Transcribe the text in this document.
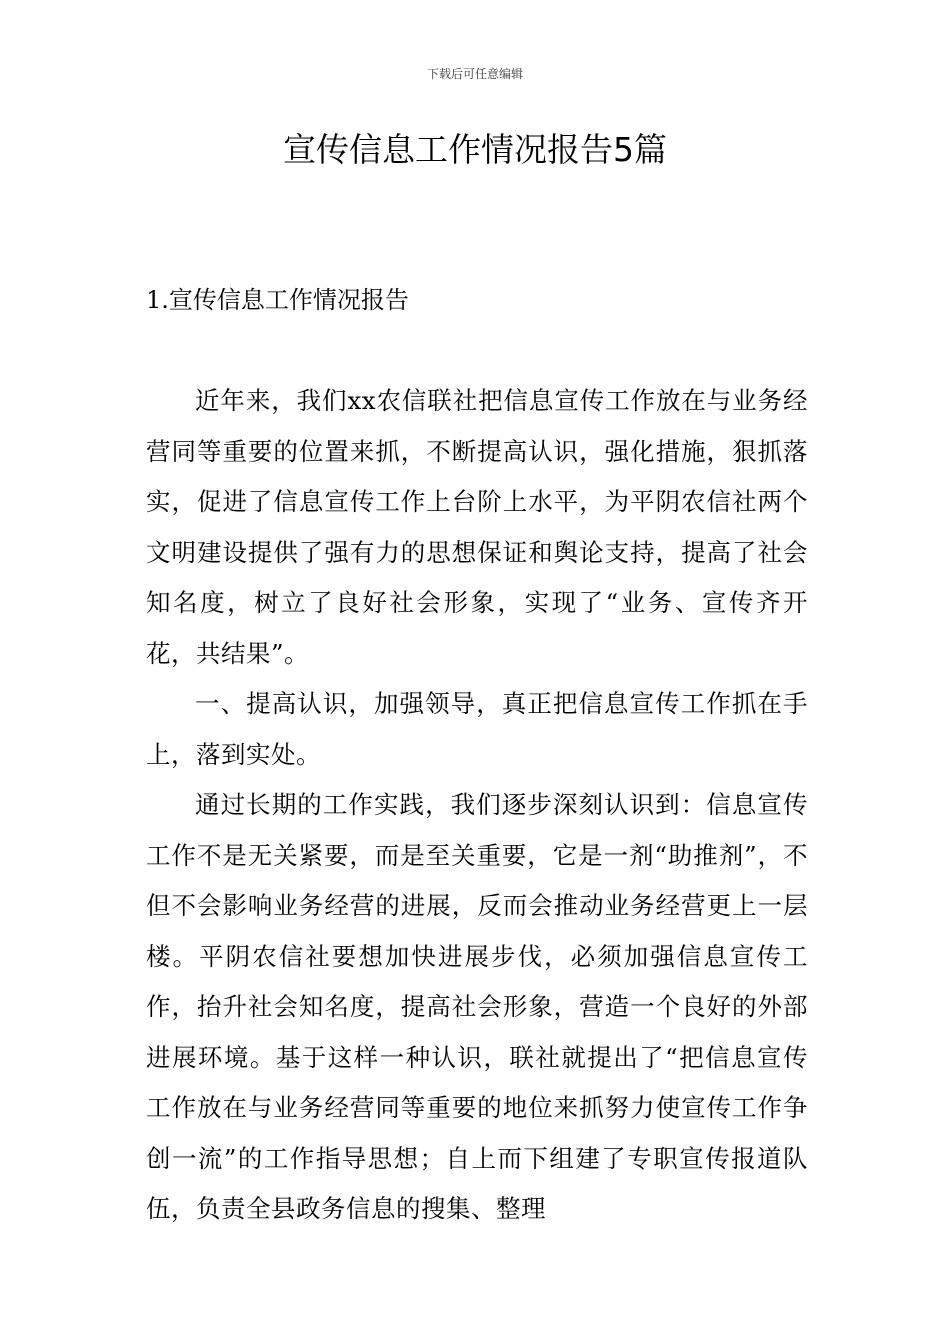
下载后可任意编辑
宣传信息工作情况报告5篇
1.宣传信息工作情况报告

近年来，我们xx农信联社把信息宣传工作放在与业务经营同等重要的位置来抓，不断提高认识，强化措施，狠抓落实，促进了信息宣传工作上台阶上水平，为平阴农信社两个文明建设提供了强有力的思想保证和舆论支持，提高了社会知名度，树立了良好社会形象，实现了“业务、宣传齐开花，共结果”。

一、提高认识，加强领导，真正把信息宣传工作抓在手上，落到实处。

通过长期的工作实践，我们逐步深刻认识到：信息宣传工作不是无关紧要，而是至关重要，它是一剂“助推剂”，不但不会影响业务经营的进展，反而会推动业务经营更上一层楼。平阴农信社要想加快进展步伐，必须加强信息宣传工作，抬升社会知名度，提高社会形象，营造一个良好的外部进展环境。基于这样一种认识，联社就提出了“把信息宣传工作放在与业务经营同等重要的地位来抓努力使宣传工作争创一流”的工作指导思想；自上而下组建了专职宣传报道队伍，负责全县政务信息的搜集、整理
